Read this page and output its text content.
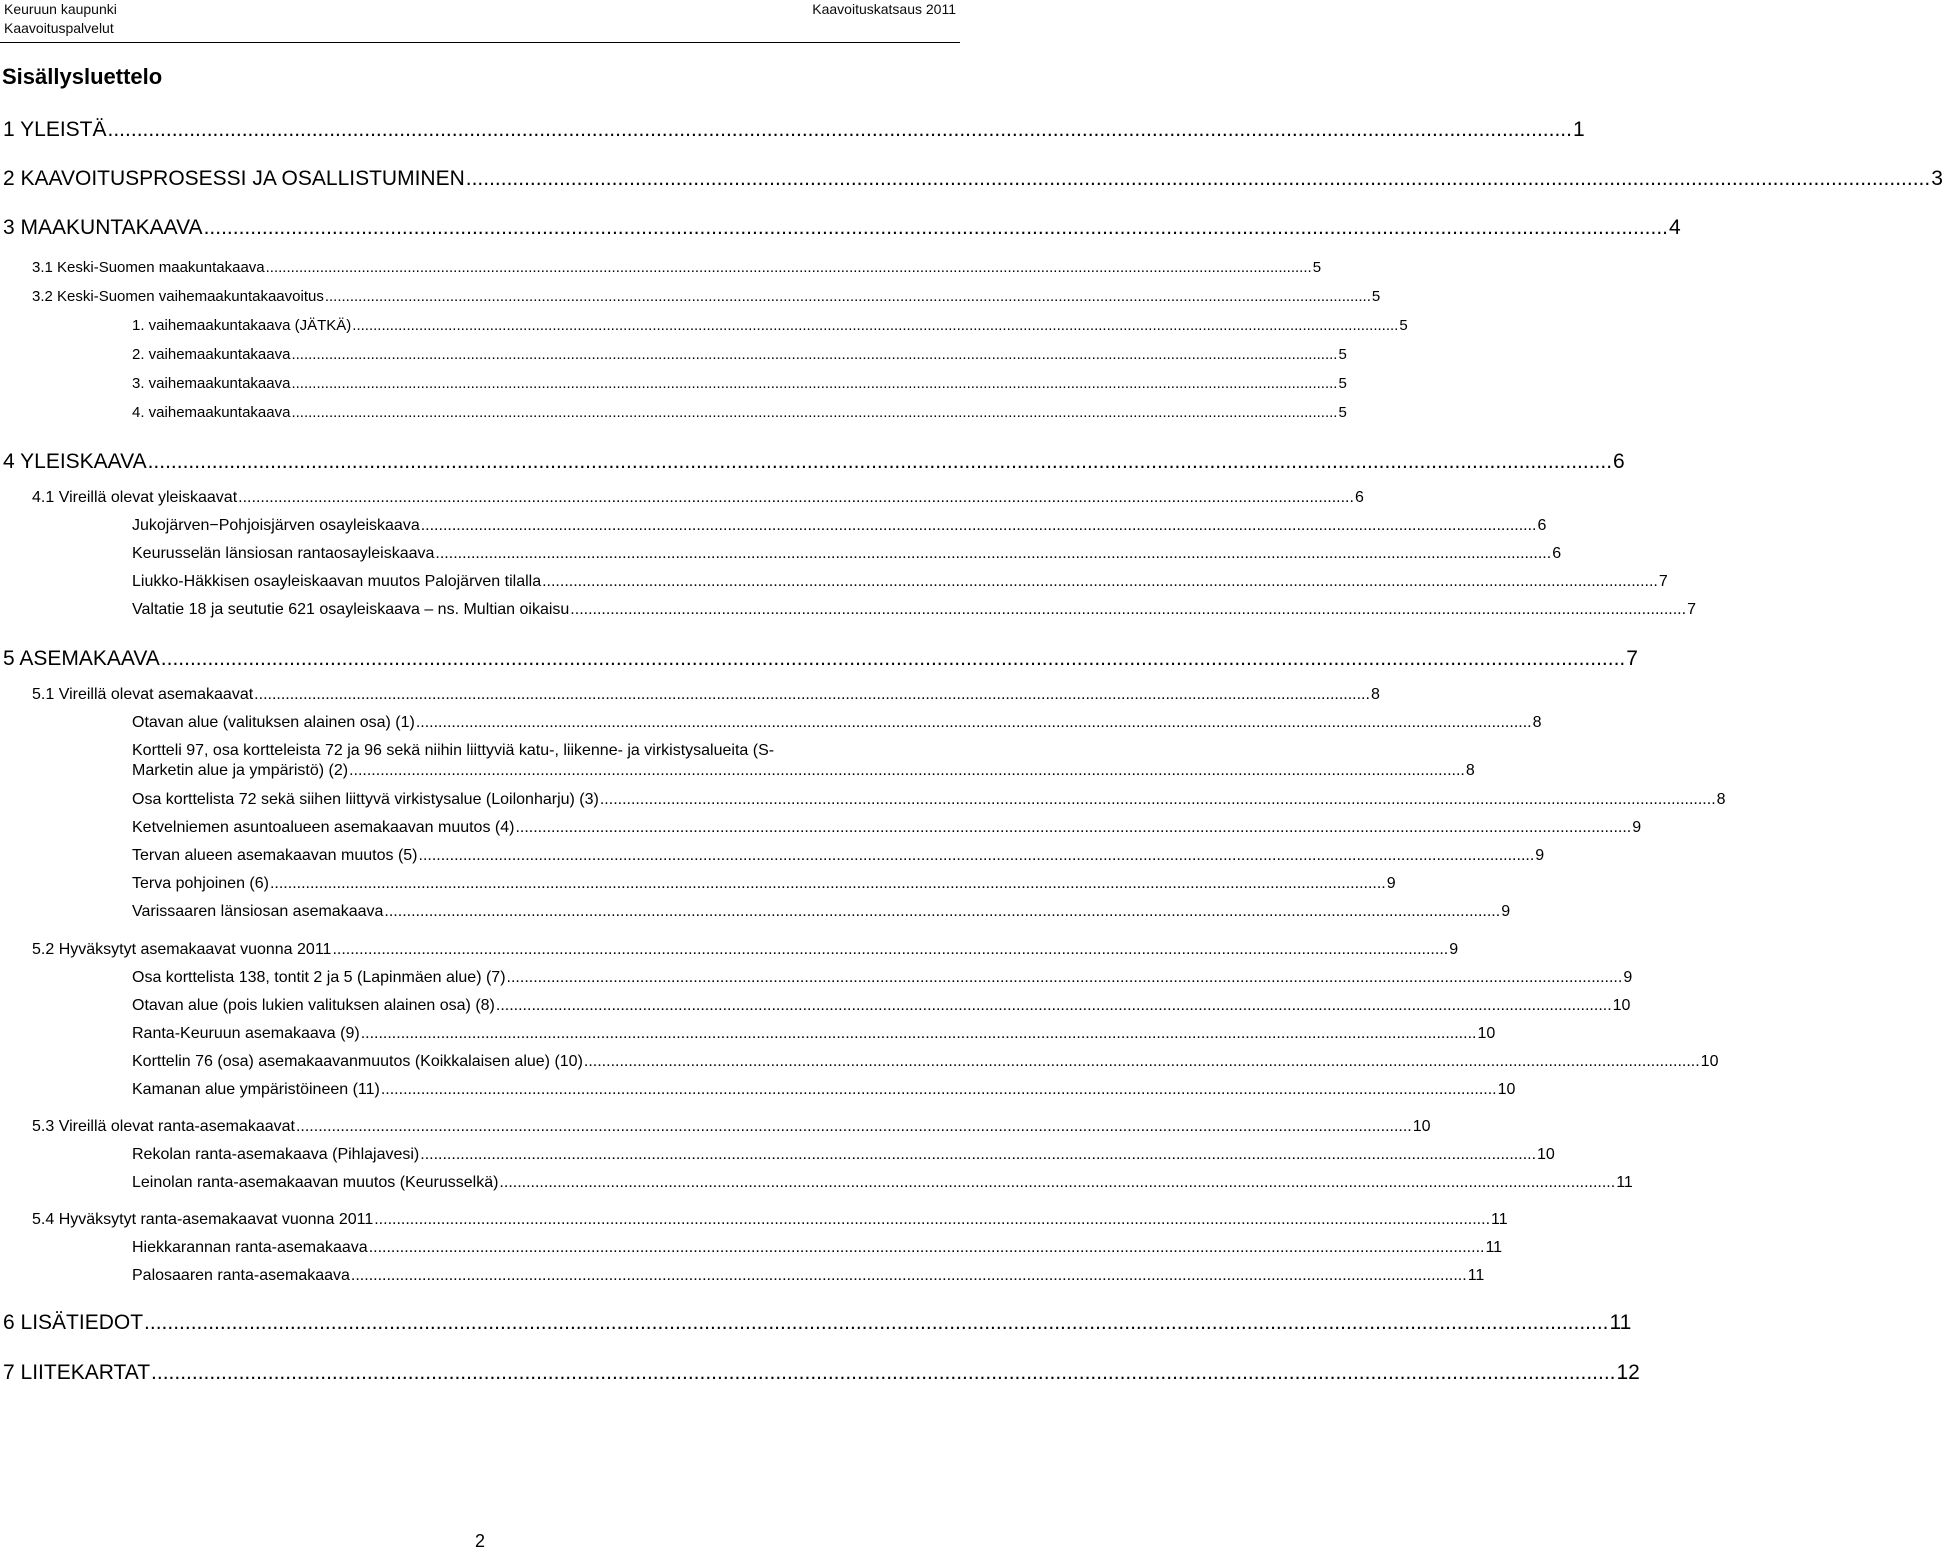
Keuruun kaupunki
Kaavoituspalvelut
Kaavoituskatsaus 2011
Sisällysluettelo
1 YLEISTÄ ........................................................................................................................................................................................................................................................... 1
2 KAAVOITUSPROSESSI JA OSALLISTUMINEN ........................................................................................................................................................................................................................................................... 3
3 MAAKUNTAKAAVA ........................................................................................................................................................................................................................................................... 4
3.1 Keski-Suomen maakuntakaava ........................................................................................................................................................................................................................................................... 5
3.2 Keski-Suomen vaihemaakuntakaavoitus ........................................................................................................................................................................................................................................................... 5
1. vaihemaakuntakaava (JÄTKÄ) ........................................................................................................................................................................................................................................................... 5
2. vaihemaakuntakaava ........................................................................................................................................................................................................................................................... 5
3. vaihemaakuntakaava ........................................................................................................................................................................................................................................................... 5
4. vaihemaakuntakaava ........................................................................................................................................................................................................................................................... 5
4 YLEISKAAVA ........................................................................................................................................................................................................................................................... 6
4.1 Vireillä olevat yleiskaavat ........................................................................................................................................................................................................................................................... 6
Jukojärven−Pohjoisjärven osayleiskaava ........................................................................................................................................................................................................................................................... 6
Keurusselän länsiosan rantaosayleiskaava ........................................................................................................................................................................................................................................................... 6
Liukko-Häkkisen osayleiskaavan muutos Palojärven tilalla ........................................................................................................................................................................................................................................................... 7
Valtatie 18 ja seututie 621 osayleiskaava – ns. Multian oikaisu ........................................................................................................................................................................................................................................................... 7
5 ASEMAKAAVA ........................................................................................................................................................................................................................................................... 7
5.1 Vireillä olevat asemakaavat ........................................................................................................................................................................................................................................................... 8
Otavan alue (valituksen alainen osa) (1) ........................................................................................................................................................................................................................................................... 8
Kortteli 97, osa kortteleista 72 ja 96 sekä niihin liittyviä katu-, liikenne- ja virkistysalueita (S-
Marketin alue ja ympäristö) (2) ........................................................................................................................................................................................................................................................... 8
Osa korttelista 72 sekä siihen liittyvä virkistysalue (Loilonharju) (3) ........................................................................................................................................................................................................................................................... 8
Ketvelniemen asuntoalueen asemakaavan muutos (4) ........................................................................................................................................................................................................................................................... 9
Tervan alueen asemakaavan muutos (5) ........................................................................................................................................................................................................................................................... 9
Terva pohjoinen (6) ........................................................................................................................................................................................................................................................... 9
Varissaaren länsiosan asemakaava ........................................................................................................................................................................................................................................................... 9
5.2 Hyväksytyt asemakaavat vuonna 2011 ........................................................................................................................................................................................................................................................... 9
Osa korttelista 138, tontit 2 ja 5 (Lapinmäen alue) (7) ........................................................................................................................................................................................................................................................... 9
Otavan alue (pois lukien valituksen alainen osa) (8) ........................................................................................................................................................................................................................................................... 10
Ranta-Keuruun asemakaava (9) ........................................................................................................................................................................................................................................................... 10
Korttelin 76 (osa) asemakaavanmuutos (Koikkalaisen alue) (10) ........................................................................................................................................................................................................................................................... 10
Kamanan alue ympäristöineen (11) ........................................................................................................................................................................................................................................................... 10
5.3 Vireillä olevat ranta-asemakaavat ........................................................................................................................................................................................................................................................... 10
Rekolan ranta-asemakaava (Pihlajavesi) ........................................................................................................................................................................................................................................................... 10
Leinolan ranta-asemakaavan muutos (Keurusselkä) ........................................................................................................................................................................................................................................................... 11
5.4 Hyväksytyt ranta-asemakaavat vuonna 2011 ........................................................................................................................................................................................................................................................... 11
Hiekkarannan ranta-asemakaava ........................................................................................................................................................................................................................................................... 11
Palosaaren ranta-asemakaava ........................................................................................................................................................................................................................................................... 11
6 LISÄTIEDOT ........................................................................................................................................................................................................................................................... 11
7 LIITEKARTAT ........................................................................................................................................................................................................................................................... 12
2
